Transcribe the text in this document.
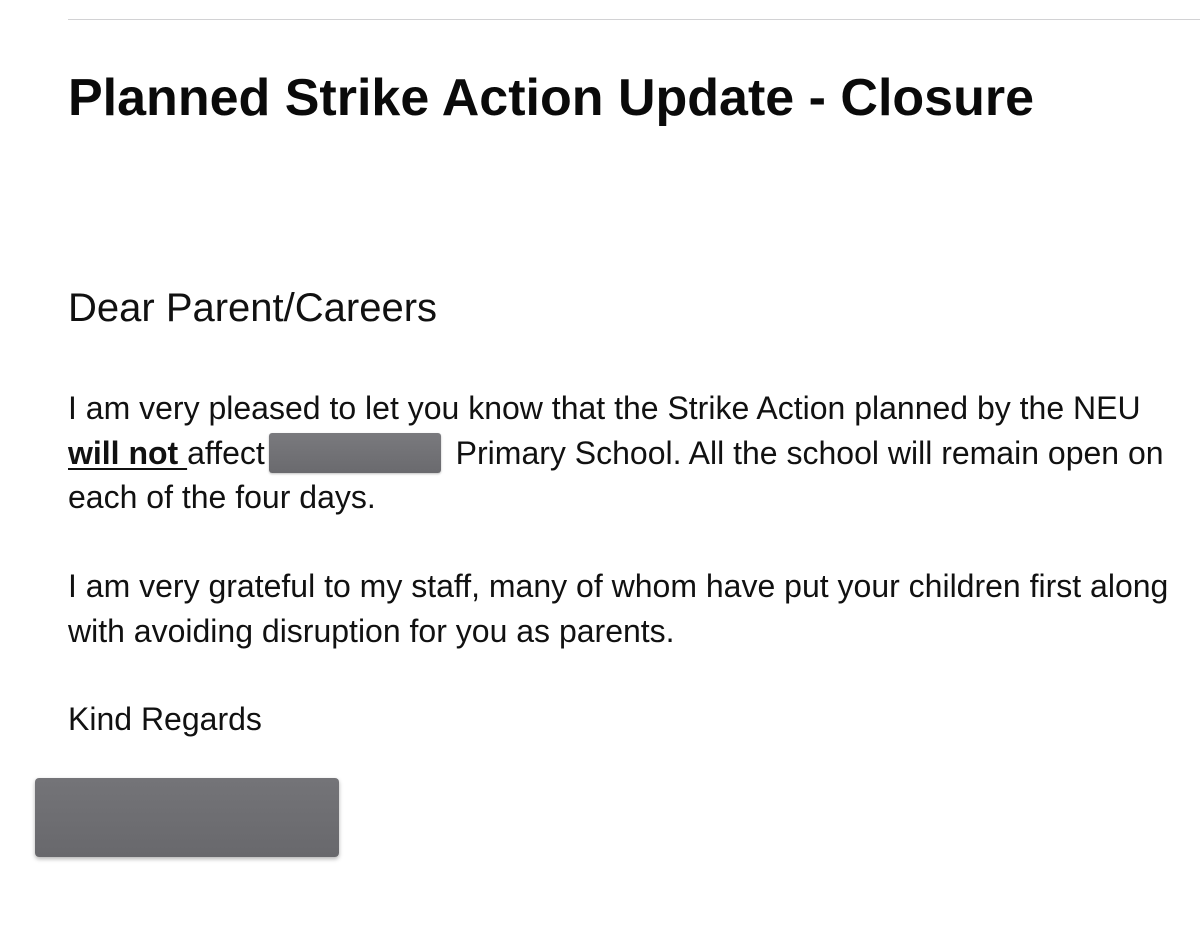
Planned Strike Action Update - Closure

Dear Parent/Careers

I am very pleased to let you know that the Strike Action planned by the NEU will not affect	Primary School. All the school will remain open on each of the four days.

I am very grateful to my staff, many of whom have put your children first along with avoiding disruption for you as parents.

Kind Regards
